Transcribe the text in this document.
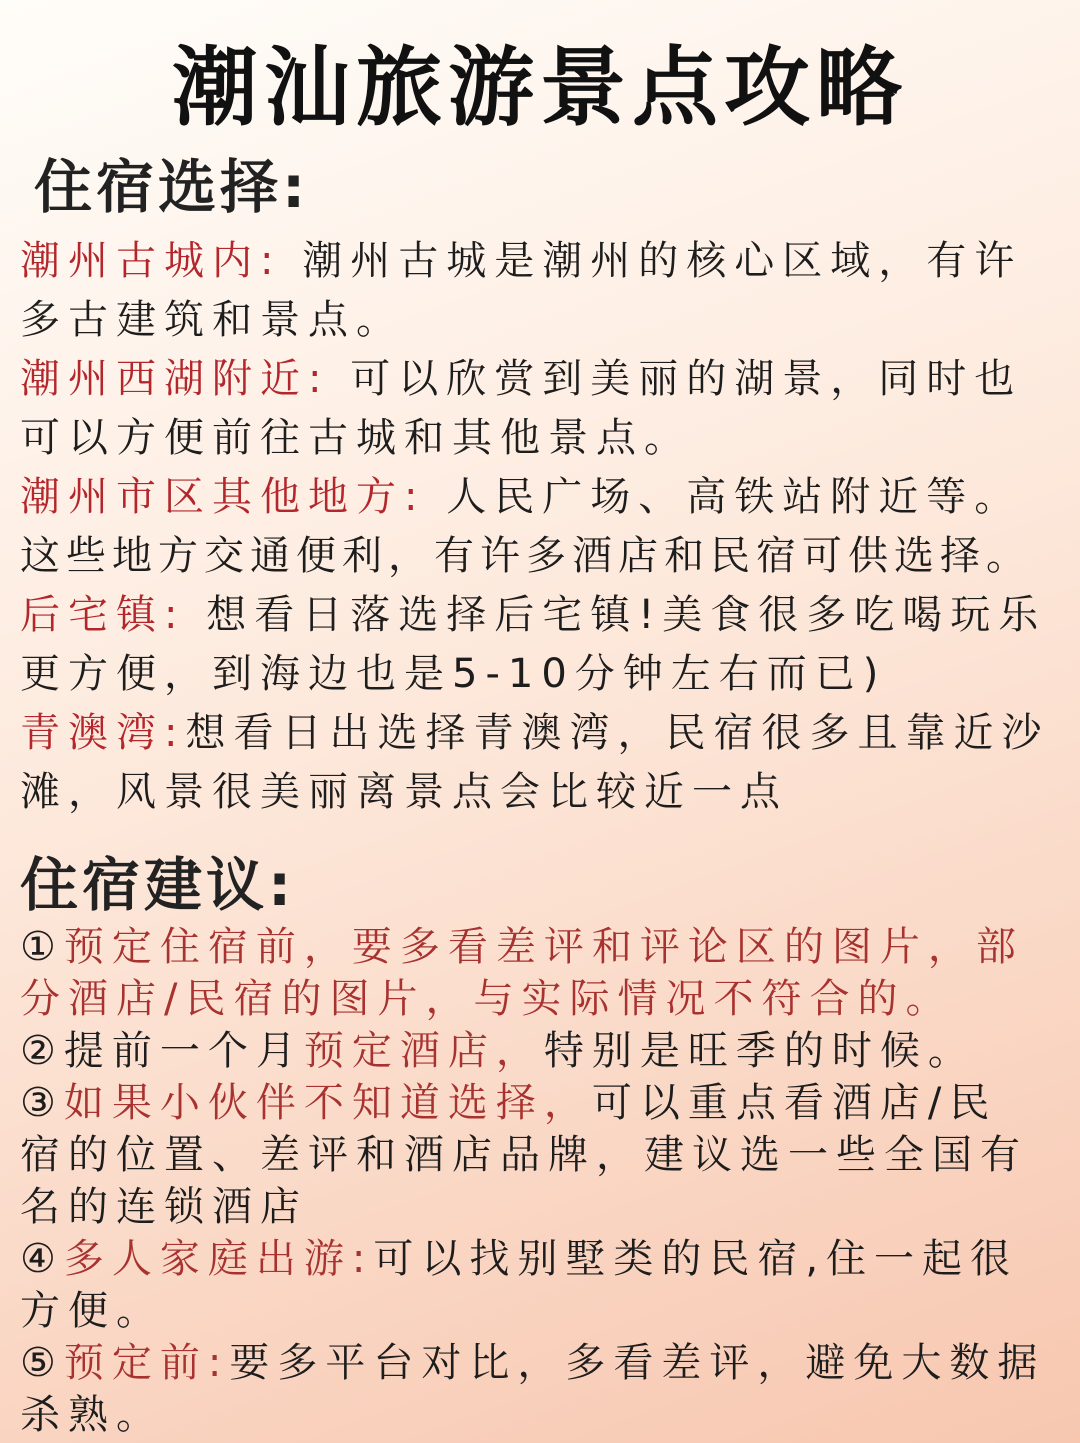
潮汕旅游景点攻略
住宿选择:
潮州古城内: 潮州古城是潮州的核心区域，有许
多古建筑和景点。
潮州西湖附近: 可以欣赏到美丽的湖景，同时也
可以方便前往古城和其他景点。
潮州市区其他地方: 人民广场、高铁站附近等。
这些地方交通便利，有许多酒店和民宿可供选择。
后宅镇: 想看日落选择后宅镇!美食很多吃喝玩乐
更方便，到海边也是5-10分钟左右而已)
青澳湾:想看日出选择青澳湾，民宿很多且靠近沙
滩，风景很美丽离景点会比较近一点
住宿建议:
①预定住宿前，要多看差评和评论区的图片，部
分酒店/民宿的图片，与实际情况不符合的。
②提前一个月预定酒店，特别是旺季的时候。
③如果小伙伴不知道选择，可以重点看酒店/民
宿的位置、差评和酒店品牌，建议选一些全国有
名的连锁酒店
④多人家庭出游:可以找别墅类的民宿,住一起很
方便。
⑤预定前:要多平台对比，多看差评，避免大数据
杀熟。
